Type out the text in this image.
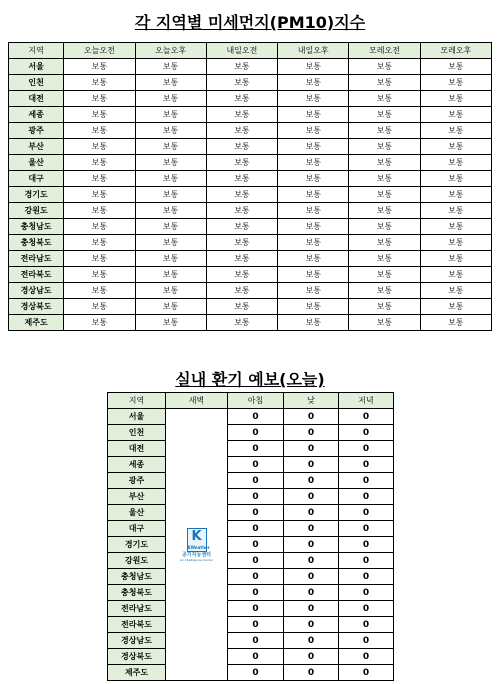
각 지역별 미세먼지(PM10)지수
지역	오늘오전	오늘오후	내일오전	내일오후	모레오전	모레오후
서울	보통	보통	보통	보통	보통	보통
인천	보통	보통	보통	보통	보통	보통
대전	보통	보통	보통	보통	보통	보통
세종	보통	보통	보통	보통	보통	보통
광주	보통	보통	보통	보통	보통	보통
부산	보통	보통	보통	보통	보통	보통
울산	보통	보통	보통	보통	보통	보통
대구	보통	보통	보통	보통	보통	보통
경기도	보통	보통	보통	보통	보통	보통
강원도	보통	보통	보통	보통	보통	보통
충청남도	보통	보통	보통	보통	보통	보통
충청북도	보통	보통	보통	보통	보통	보통
전라남도	보통	보통	보통	보통	보통	보통
전라북도	보통	보통	보통	보통	보통	보통
경상남도	보통	보통	보통	보통	보통	보통
경상북도	보통	보통	보통	보통	보통	보통
제주도	보통	보통	보통	보통	보통	보통
실내 환기 예보(오늘)
지역	새벽	아침	낮	저녁
서울	K
KWeather
공기지능센터
Air Intelligence Center	0	0	0
인천		0	0	0
대전		0	0	0
세종		0	0	0
광주		0	0	0
부산		0	0	0
울산		0	0	0
대구		0	0	0
경기도		0	0	0
강원도		0	0	0
충청남도		0	0	0
충청북도		0	0	0
전라남도		0	0	0
전라북도		0	0	0
경상남도		0	0	0
경상북도		0	0	0
제주도		0	0	0
